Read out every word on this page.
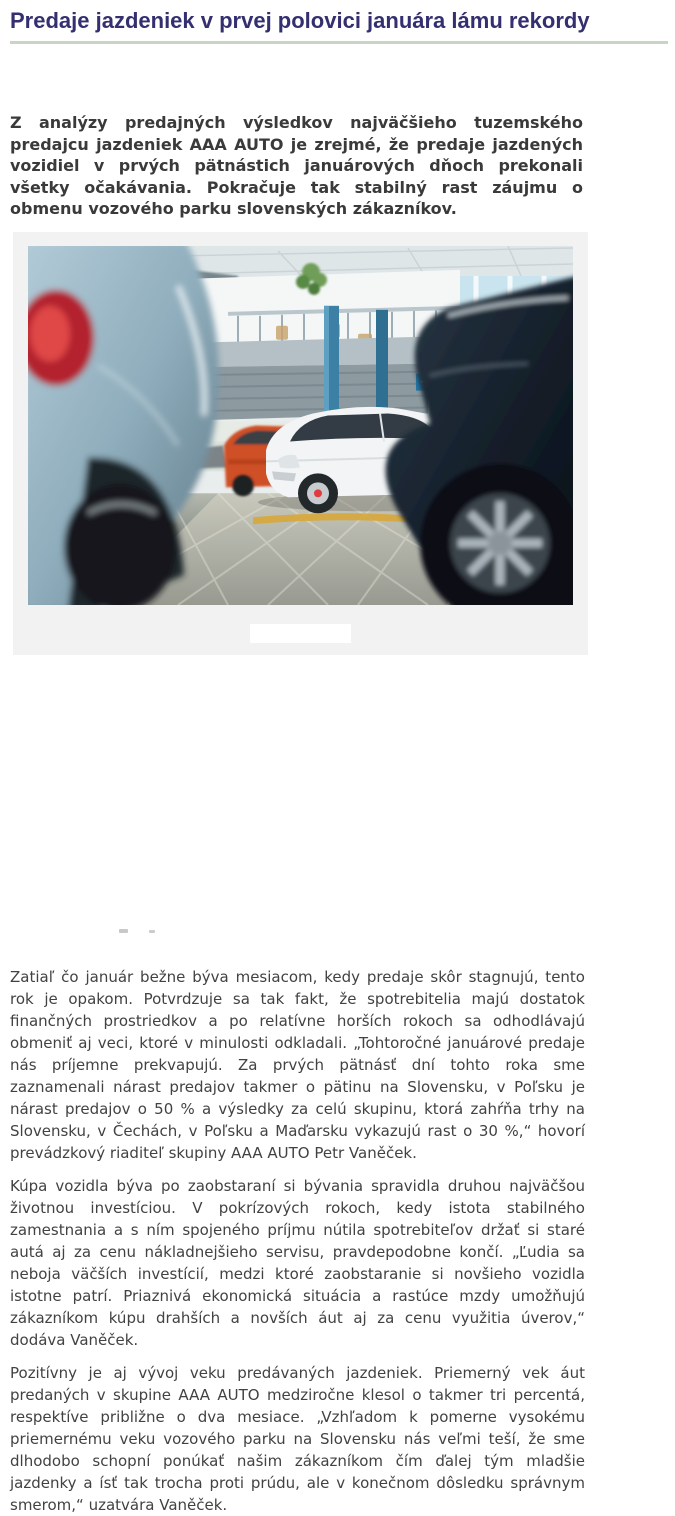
Predaje jazdeniek v prvej polovici januára lámu rekordy

Z analýzy predajných výsledkov najväčšieho tuzemského predajcu jazdeniek AAA AUTO je zrejmé, že predaje jazdených vozidiel v prvých pätnástich januárových dňoch prekonali všetky očakávania. Pokračuje tak stabilný rast záujmu o obmenu vozového parku slovenských zákazníkov.

Zatiaľ čo január bežne býva mesiacom, kedy predaje skôr stagnujú, tento rok je opakom. Potvrdzuje sa tak fakt, že spotrebitelia majú dostatok finančných prostriedkov a po relatívne horších rokoch sa odhodlávajú obmeniť aj veci, ktoré v minulosti odkladali. „Tohtoročné januárové predaje nás príjemne prekvapujú. Za prvých pätnásť dní tohto roka sme zaznamenali nárast predajov takmer o pätinu na Slovensku, v Poľsku je nárast predajov o 50 % a výsledky za celú skupinu, ktorá zahŕňa trhy na Slovensku, v Čechách, v Poľsku a Maďarsku vykazujú rast o 30 %,“ hovorí prevádzkový riaditeľ skupiny AAA AUTO Petr Vaněček.

Kúpa vozidla býva po zaobstaraní si bývania spravidla druhou najväčšou životnou investíciou. V pokrízových rokoch, kedy istota stabilného zamestnania a s ním spojeného príjmu nútila spotrebiteľov držať si staré autá aj za cenu nákladnejšieho servisu, pravdepodobne končí. „Ľudia sa neboja väčších investícií, medzi ktoré zaobstaranie si novšieho vozidla istotne patrí. Priaznivá ekonomická situácia a rastúce mzdy umožňujú zákazníkom kúpu drahších a novších áut aj za cenu využitia úverov,“ dodáva Vaněček.

Pozitívny je aj vývoj veku predávaných jazdeniek. Priemerný vek áut predaných v skupine AAA AUTO medziročne klesol o takmer tri percentá, respektíve približne o dva mesiace. „Vzhľadom k pomerne vysokému priemernému veku vozového parku na Slovensku nás veľmi teší, že sme dlhodobo schopní ponúkať našim zákazníkom čím ďalej tým mladšie jazdenky a ísť tak trocha proti prúdu, ale v konečnom dôsledku správnym smerom,“ uzatvára Vaněček.
